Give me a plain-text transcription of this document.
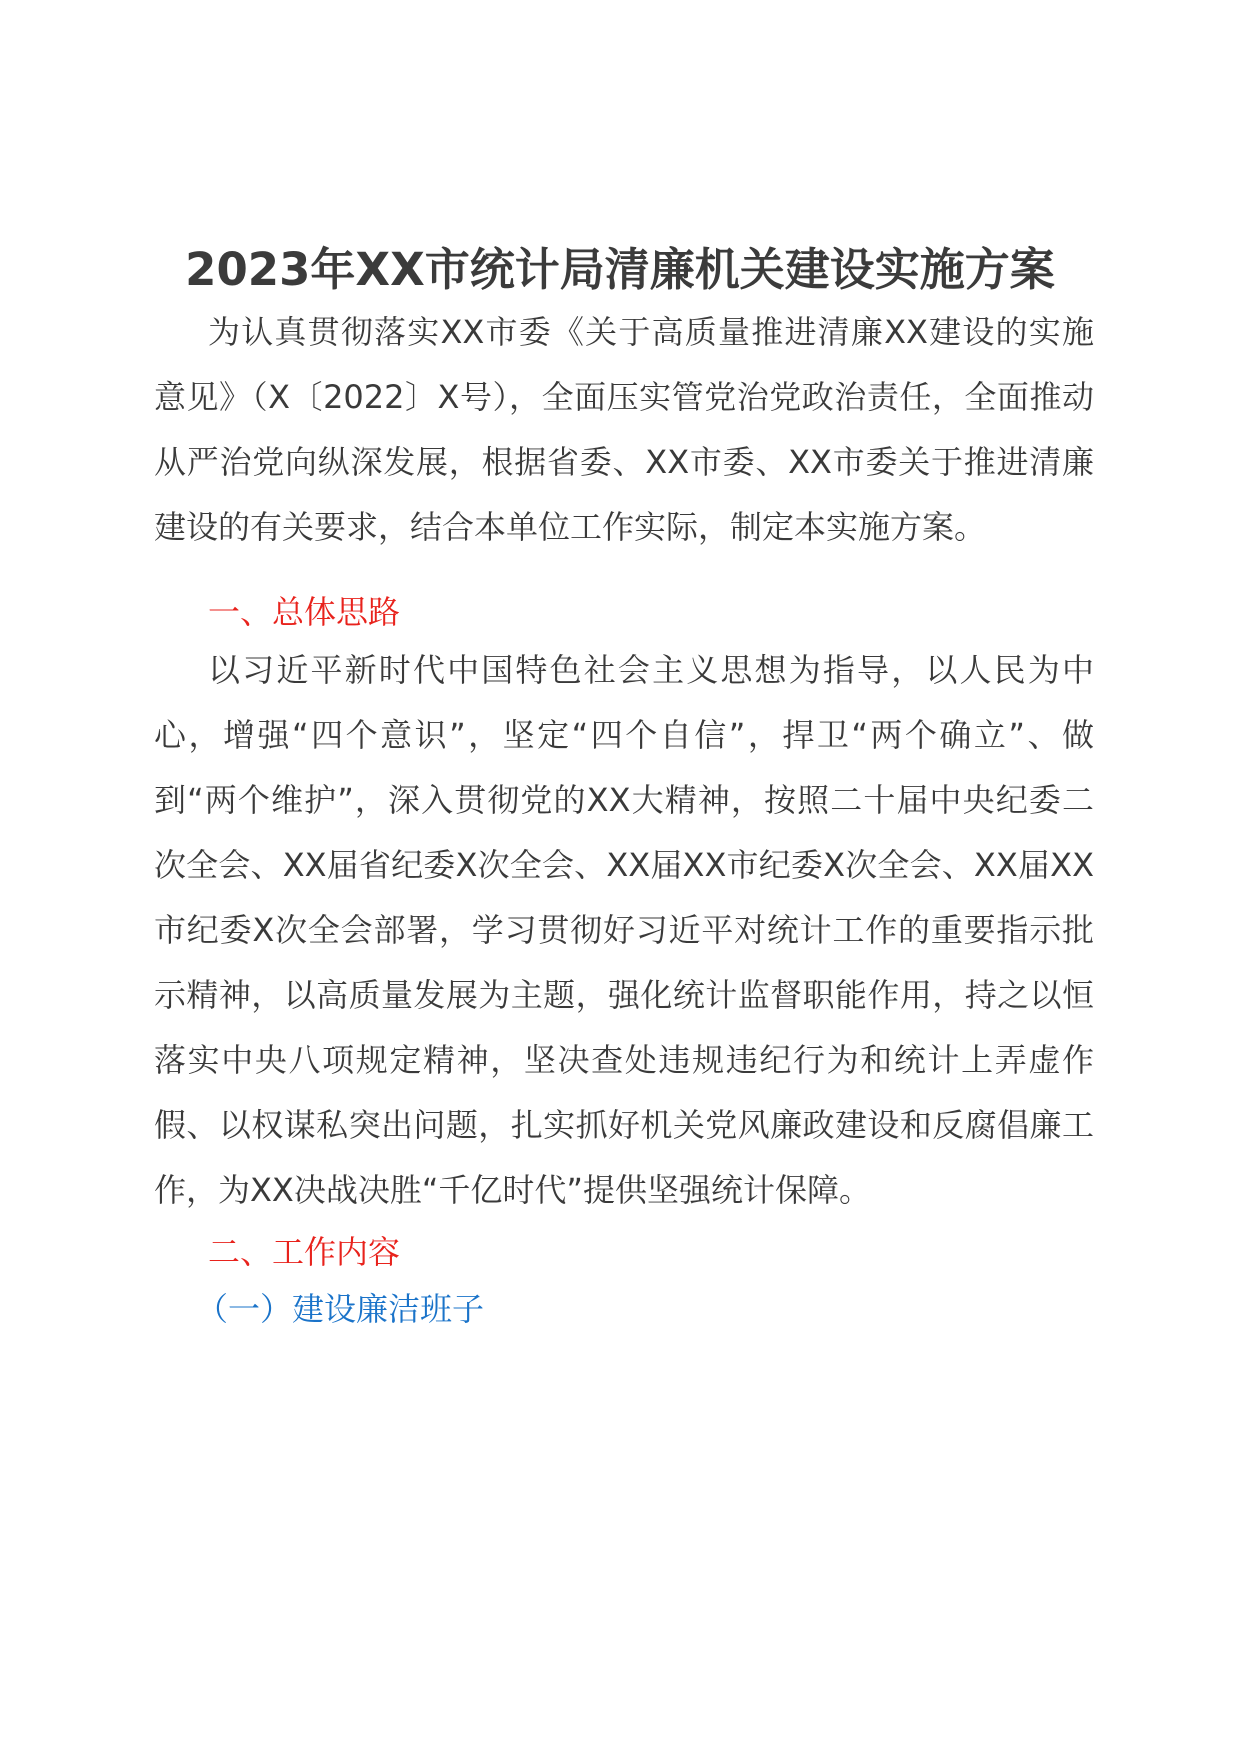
2023年XX市统计局清廉机关建设实施方案

为认真贯彻落实XX市委《关于高质量推进清廉XX建设的实施意见》（X〔2022〕X号），全面压实管党治党政治责任，全面推动从严治党向纵深发展，根据省委、XX市委、XX市委关于推进清廉建设的有关要求，结合本单位工作实际，制定本实施方案。

一、总体思路

以习近平新时代中国特色社会主义思想为指导，以人民为中心，增强“四个意识”，坚定“四个自信”，捍卫“两个确立”、做到“两个维护”，深入贯彻党的XX大精神，按照二十届中央纪委二次全会、XX届省纪委X次全会、XX届XX市纪委X次全会、XX届XX市纪委X次全会部署，学习贯彻好习近平对统计工作的重要指示批示精神，以高质量发展为主题，强化统计监督职能作用，持之以恒落实中央八项规定精神，坚决查处违规违纪行为和统计上弄虚作假、以权谋私突出问题，扎实抓好机关党风廉政建设和反腐倡廉工作，为XX决战决胜“千亿时代”提供坚强统计保障。

二、工作内容
（一）建设廉洁班子
